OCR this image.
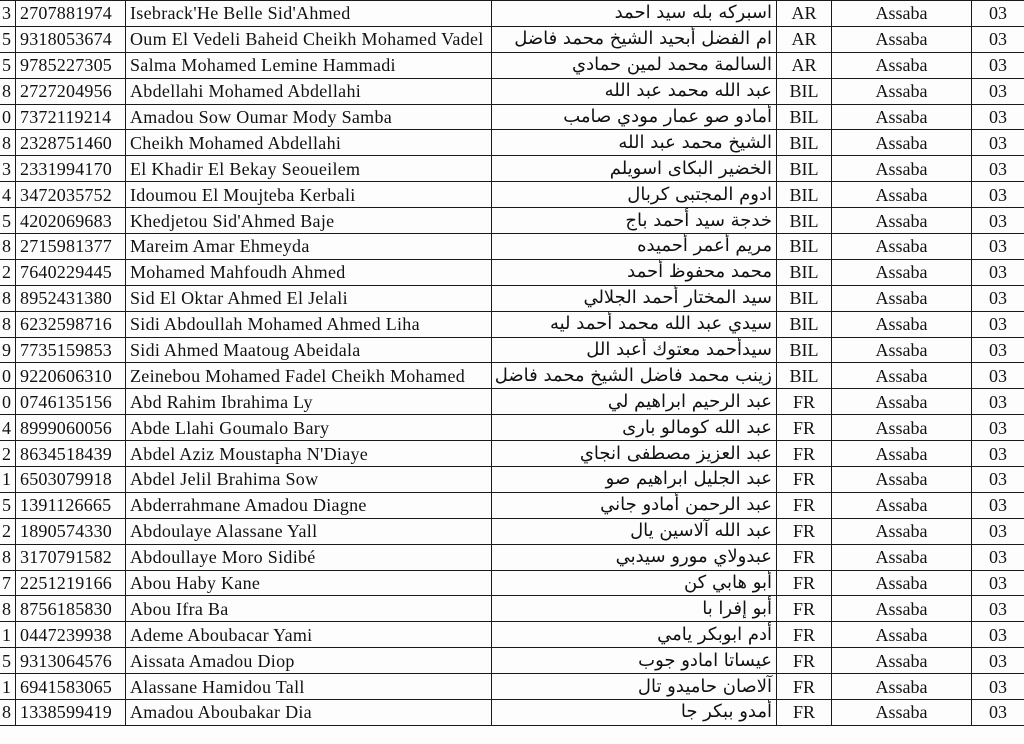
3	2707881974	Isebrack'He Belle Sid'Ahmed	اسبركه بله سيد احمد	AR	Assaba	03
5	9318053674	Oum El Vedeli Baheid Cheikh Mohamed Vadel	ام الفضل أبحيد الشيخ محمد فاضل	AR	Assaba	03
5	9785227305	Salma Mohamed Lemine Hammadi	السالمة محمد لمين حمادي	AR	Assaba	03
8	2727204956	Abdellahi Mohamed Abdellahi	عبد الله محمد عبد الله	BIL	Assaba	03
0	7372119214	Amadou Sow Oumar Mody Samba	أمادو صو عمار مودي صامب	BIL	Assaba	03
8	2328751460	Cheikh Mohamed Abdellahi	الشيخ محمد عبد الله	BIL	Assaba	03
3	2331994170	El Khadir El Bekay Seoueilem	الخضير البكاى اسويلم	BIL	Assaba	03
4	3472035752	Idoumou El Moujteba Kerbali	ادوم المجتبى كربال	BIL	Assaba	03
5	4202069683	Khedjetou Sid'Ahmed Baje	خدجة سيد أحمد باج	BIL	Assaba	03
8	2715981377	Mareim Amar Ehmeyda	مريم أعمر أحميده	BIL	Assaba	03
2	7640229445	Mohamed Mahfoudh Ahmed	محمد محفوظ أحمد	BIL	Assaba	03
8	8952431380	Sid El Oktar Ahmed El Jelali	سيد المختار أحمد الجلالي	BIL	Assaba	03
8	6232598716	Sidi Abdoullah Mohamed Ahmed Liha	سيدي عبد الله محمد أحمد ليه	BIL	Assaba	03
9	7735159853	Sidi Ahmed Maatoug Abeidala	سيدأحمد معتوك أعبد الل	BIL	Assaba	03
0	9220606310	Zeinebou Mohamed Fadel Cheikh Mohamed	زينب محمد فاضل الشيخ محمد فاضل	BIL	Assaba	03
0	0746135156	Abd Rahim Ibrahima Ly	عبد الرحيم ابراهيم لي	FR	Assaba	03
4	8999060056	Abde Llahi Goumalo Bary	عبد الله كومالو بارى	FR	Assaba	03
2	8634518439	Abdel Aziz Moustapha N'Diaye	عبد العزيز مصطفى انجاي	FR	Assaba	03
1	6503079918	Abdel Jelil Brahima Sow	عبد الجليل ابراهيم صو	FR	Assaba	03
5	1391126665	Abderrahmane Amadou Diagne	عبد الرحمن أمادو جاني	FR	Assaba	03
2	1890574330	Abdoulaye Alassane Yall	عبد الله آلاسين يال	FR	Assaba	03
8	3170791582	Abdoullaye Moro Sidibé	عبدولاي مورو سيدبي	FR	Assaba	03
7	2251219166	Abou Haby Kane	أبو هابي كن	FR	Assaba	03
8	8756185830	Abou Ifra Ba	أبو إفرا با	FR	Assaba	03
1	0447239938	Ademe Aboubacar Yami	أدم ابوبكر يامي	FR	Assaba	03
5	9313064576	Aissata Amadou Diop	عيساتا امادو جوب	FR	Assaba	03
1	6941583065	Alassane Hamidou Tall	آلاصان حاميدو تال	FR	Assaba	03
8	1338599419	Amadou Aboubakar Dia	أمدو ببكر جا	FR	Assaba	03
